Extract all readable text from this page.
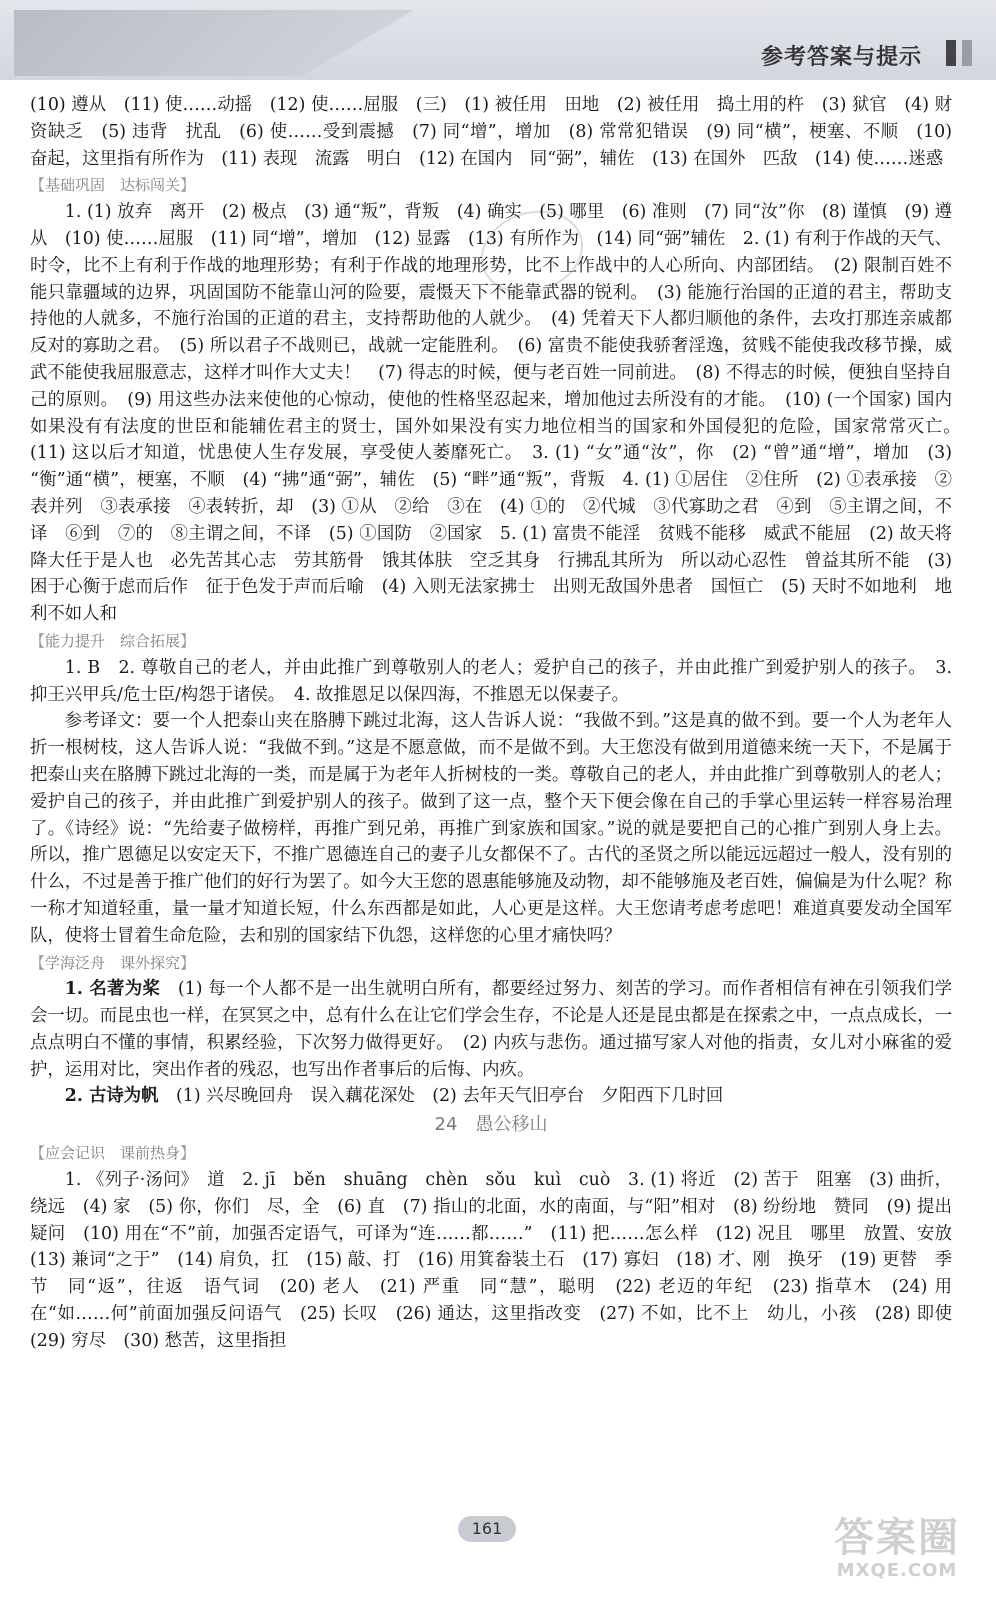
参考答案与提示

(10) 遵从　(11) 使……动摇　(12) 使……屈服　(三)　(1) 被任用　田地　(2) 被任用　捣土用的杵　(3) 狱官　(4) 财资缺乏　(5) 违背　扰乱　(6) 使……受到震撼　(7) 同“增”，增加　(8) 常常犯错误　(9) 同“横”，梗塞、不顺　(10) 奋起，这里指有所作为　(11) 表现　流露　明白　(12) 在国内　同“弼”，辅佐　(13) 在国外　匹敌　(14) 使……迷惑

【基础巩固　达标闯关】

1. (1) 放弃　离开　(2) 极点　(3) 通“叛”，背叛　(4) 确实　(5) 哪里　(6) 准则　(7) 同“汝”你　(8) 谨慎　(9) 遵从　(10) 使……屈服　(11) 同“增”，增加　(12) 显露　(13) 有所作为　(14) 同“弼”辅佐　2. (1) 有利于作战的天气、时令，比不上有利于作战的地理形势；有利于作战的地理形势，比不上作战中的人心所向、内部团结。　(2) 限制百姓不能只靠疆域的边界，巩固国防不能靠山河的险要，震慑天下不能靠武器的锐利。　(3) 能施行治国的正道的君主，帮助支持他的人就多，不施行治国的正道的君主，支持帮助他的人就少。　(4) 凭着天下人都归顺他的条件，去攻打那连亲戚都反对的寡助之君。　(5) 所以君子不战则已，战就一定能胜利。　(6) 富贵不能使我骄奢淫逸，贫贱不能使我改移节操，威武不能使我屈服意志，这样才叫作大丈夫！　(7) 得志的时候，便与老百姓一同前进。　(8) 不得志的时候，便独自坚持自己的原则。　(9) 用这些办法来使他的心惊动，使他的性格坚忍起来，增加他过去所没有的才能。　(10) (一个国家) 国内如果没有有法度的世臣和能辅佐君主的贤士，国外如果没有实力地位相当的国家和外国侵犯的危险，国家常常灭亡。　(11) 这以后才知道，忧患使人生存发展，享受使人萎靡死亡。　3. (1) “女”通“汝”，你　(2) “曾”通“增”，增加　(3) “衡”通“横”，梗塞，不顺　(4) “拂”通“弼”，辅佐　(5) “畔”通“叛”，背叛　4. (1) ①居住　②住所　(2) ①表承接　②表并列　③表承接　④表转折，却　(3) ①从　②给　③在　(4) ①的　②代城　③代寡助之君　④到　⑤主谓之间，不译　⑥到　⑦的　⑧主谓之间，不译　(5) ①国防　②国家　5. (1) 富贵不能淫　贫贱不能移　威武不能屈　(2) 故天将降大任于是人也　必先苦其心志　劳其筋骨　饿其体肤　空乏其身　行拂乱其所为　所以动心忍性　曾益其所不能　(3) 困于心衡于虑而后作　征于色发于声而后喻　(4) 入则无法家拂士　出则无敌国外患者　国恒亡　(5) 天时不如地利　地利不如人和

【能力提升　综合拓展】

1. B　2. 尊敬自己的老人，并由此推广到尊敬别人的老人；爱护自己的孩子，并由此推广到爱护别人的孩子。　3. 抑王兴甲兵/危士臣/构怨于诸侯。　4. 故推恩足以保四海，不推恩无以保妻子。

参考译文：要一个人把泰山夹在胳膊下跳过北海，这人告诉人说：“我做不到。”这是真的做不到。要一个人为老年人折一根树枝，这人告诉人说：“我做不到。”这是不愿意做，而不是做不到。大王您没有做到用道德来统一天下，不是属于把泰山夹在胳膊下跳过北海的一类，而是属于为老年人折树枝的一类。尊敬自己的老人，并由此推广到尊敬别人的老人；爱护自己的孩子，并由此推广到爱护别人的孩子。做到了这一点，整个天下便会像在自己的手掌心里运转一样容易治理了。《诗经》说：“先给妻子做榜样，再推广到兄弟，再推广到家族和国家。”说的就是要把自己的心推广到别人身上去。所以，推广恩德足以安定天下，不推广恩德连自己的妻子儿女都保不了。古代的圣贤之所以能远远超过一般人，没有别的什么，不过是善于推广他们的好行为罢了。如今大王您的恩惠能够施及动物，却不能够施及老百姓，偏偏是为什么呢？称一称才知道轻重，量一量才知道长短，什么东西都是如此，人心更是这样。大王您请考虑考虑吧！难道真要发动全国军队，使将士冒着生命危险，去和别的国家结下仇怨，这样您的心里才痛快吗？

【学海泛舟　课外探究】

1. 名著为桨　(1) 每一个人都不是一出生就明白所有，都要经过努力、刻苦的学习。而作者相信有神在引领我们学会一切。而昆虫也一样，在冥冥之中，总有什么在让它们学会生存，不论是人还是昆虫都是在探索之中，一点点成长，一点点明白不懂的事情，积累经验，下次努力做得更好。　(2) 内疚与悲伤。通过描写家人对他的指责，女儿对小麻雀的爱护，运用对比，突出作者的残忍，也写出作者事后的后悔、内疚。

2. 古诗为帆　(1) 兴尽晚回舟　误入藕花深处　(2) 去年天气旧亭台　夕阳西下几时回

24 愚公移山

【应会记识　课前热身】

1. 《列子·汤问》　道　2. jī　běn　shuāng　chèn　sǒu　kuì　cuò　3. (1) 将近　(2) 苦于　阻塞　(3) 曲折，绕远　(4) 家　(5) 你，你们　尽，全　(6) 直　(7) 指山的北面，水的南面，与“阳”相对　(8) 纷纷地　赞同　(9) 提出疑问　(10) 用在“不”前，加强否定语气，可译为“连……都……”　(11) 把……怎么样　(12) 况且　哪里　放置、安放　(13) 兼词“之于”　(14) 肩负，扛　(15) 敲、打　(16) 用箕畚装土石　(17) 寡妇　(18) 才、刚　换牙　(19) 更替　季节　同“返”，往返　语气词　(20) 老人　(21) 严重　同“慧”，聪明　(22) 老迈的年纪　(23) 指草木　(24) 用在“如……何”前面加强反问语气　(25) 长叹　(26) 通达，这里指改变　(27) 不如，比不上　幼儿，小孩　(28) 即使　(29) 穷尽　(30) 愁苦，这里指担

161	答案圈
MXQE.COM
